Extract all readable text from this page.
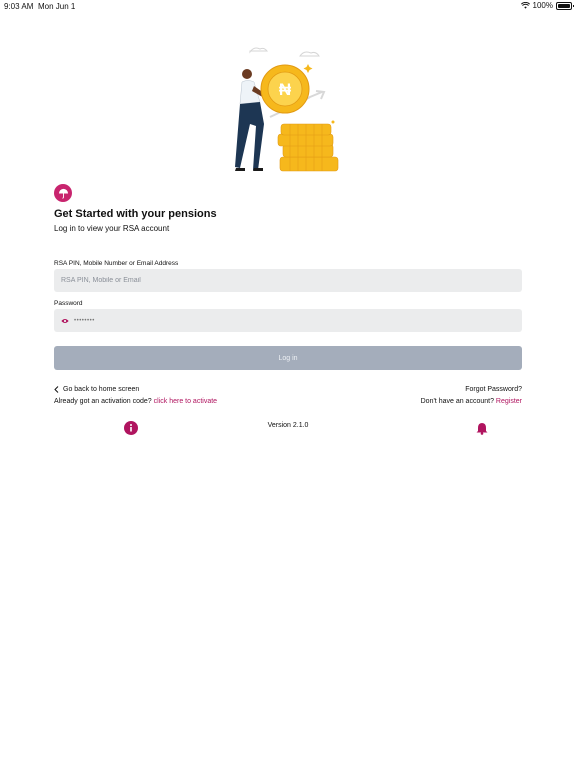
9:03 AM Mon Jun 1	100%
₦
Get Started with your pensions
Log in to view your RSA account
RSA PIN, Mobile Number or Email Address
RSA PIN, Mobile or Email
Password
••••••••
Log in
Go back to home screen	Forgot Password?
Already got an activation code? click here to activate	Don't have an account? Register
Version 2.1.0
